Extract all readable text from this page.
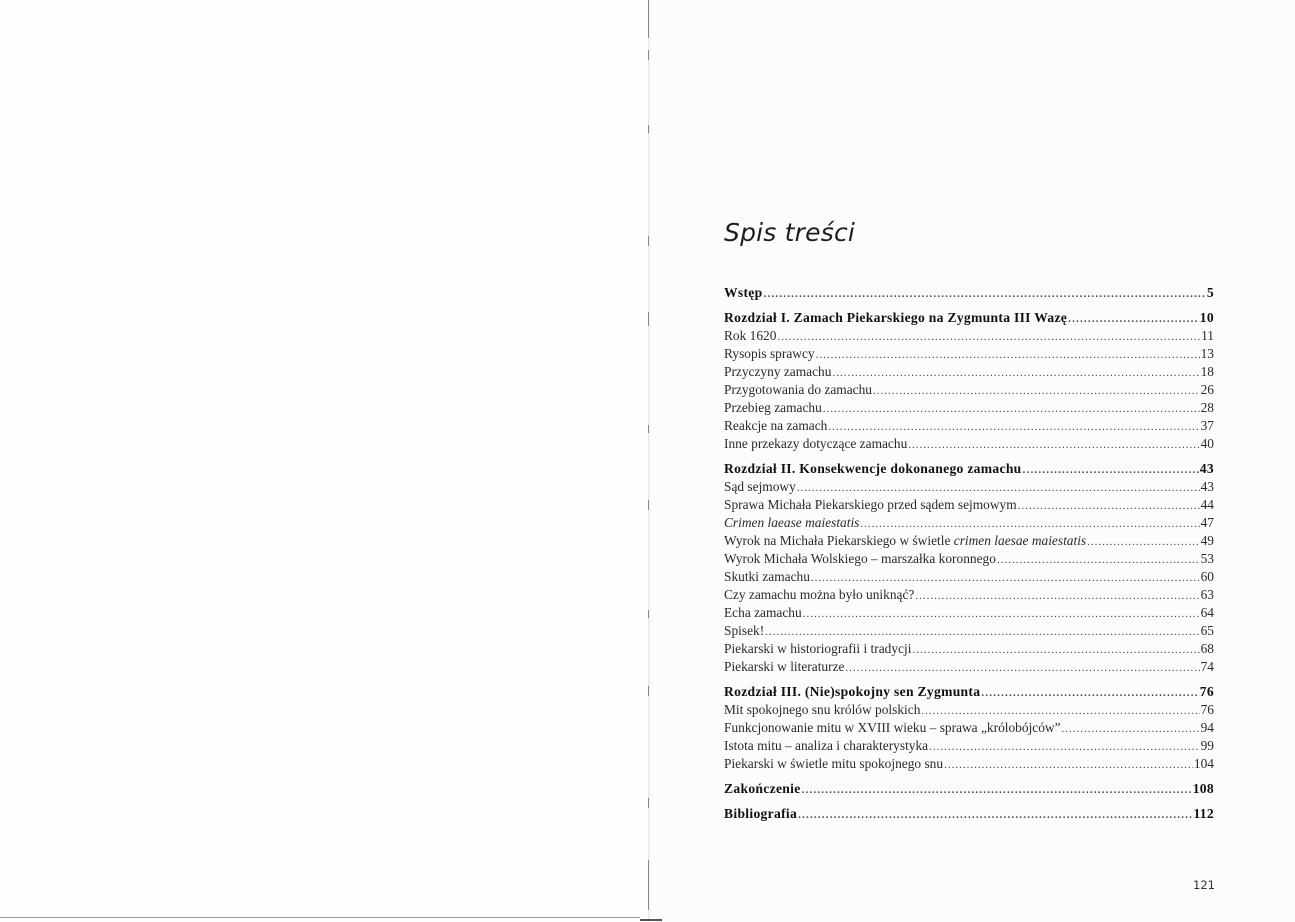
Spis treści
Wstęp .....	5
Rozdział I. Zamach Piekarskiego na Zygmunta III Wazę .....	10
Rok 1620 .....	11
Rysopis sprawcy .....	13
Przyczyny zamachu .....	18
Przygotowania do zamachu .....	26
Przebieg zamachu .....	28
Reakcje na zamach .....	37
Inne przekazy dotyczące zamachu .....	40
Rozdział II. Konsekwencje dokonanego zamachu .....	43
Sąd sejmowy .....	43
Sprawa Michała Piekarskiego przed sądem sejmowym .....	44
Crimen laease maiestatis .....	47
Wyrok na Michała Piekarskiego w świetle crimen laesae maiestatis .....	49
Wyrok Michała Wolskiego – marszałka koronnego .....	53
Skutki zamachu .....	60
Czy zamachu można było uniknąć? .....	63
Echa zamachu .....	64
Spisek! .....	65
Piekarski w historiografii i tradycji .....	68
Piekarski w literaturze .....	74
Rozdział III. (Nie)spokojny sen Zygmunta .....	76
Mit spokojnego snu królów polskich .....	76
Funkcjonowanie mitu w XVIII wieku – sprawa „królobójców” .....	94
Istota mitu – analiza i charakterystyka .....	99
Piekarski w świetle mitu spokojnego snu .....	104
Zakończenie .....	108
Bibliografia .....	112
121
